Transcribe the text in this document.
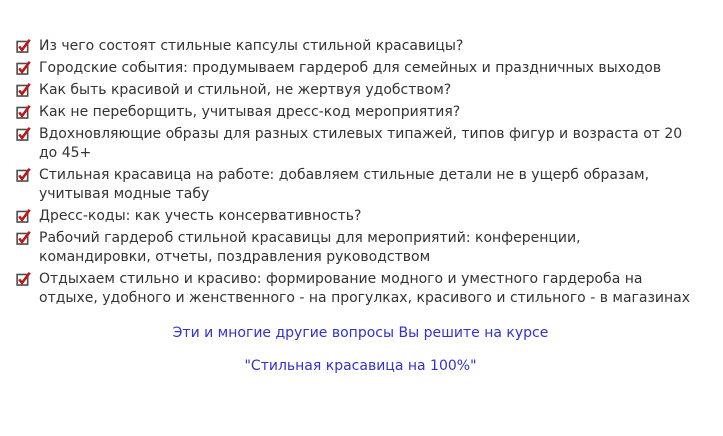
Из чего состоят стильные капсулы стильной красавицы?
Городские события: продумываем гардероб для семейных и праздничных выходов
Как быть красивой и стильной, не жертвуя удобством?
Как не переборщить, учитывая дресс-код мероприятия?
Вдохновляющие образы для разных стилевых типажей, типов фигур и возраста от 20 до 45+
Стильная красавица на работе: добавляем стильные детали не в ущерб образам, учитывая модные табу
Дресс-коды: как учесть консервативность?
Рабочий гардероб стильной красавицы для мероприятий: конференции, командировки, отчеты, поздравления руководством
Отдыхаем стильно и красиво: формирование модного и уместного гардероба на отдыхе, удобного и женственного - на прогулках, красивого и стильного - в магазинах
Эти и многие другие вопросы Вы решите на курсе
"Стильная красавица на 100%"
